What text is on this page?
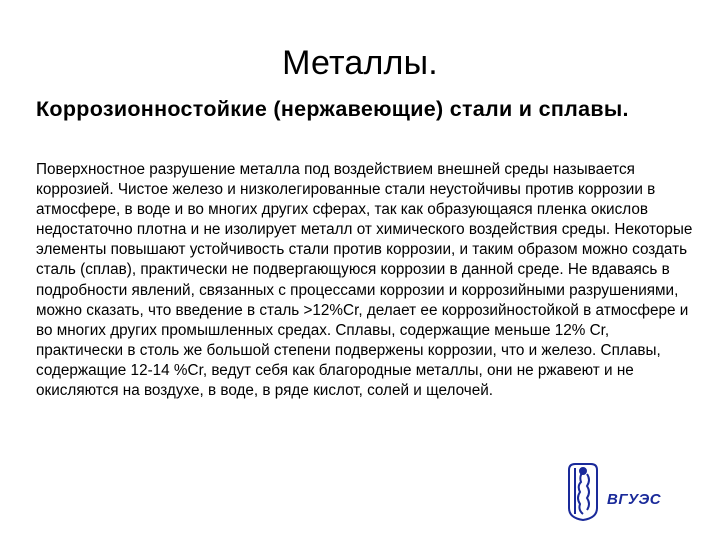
Металлы.
Коррозионностойкие (нержавеющие) стали и сплавы.

Поверхностное разрушение металла под воздействием внешней среды называется коррозией. Чистое железо и низколегированные стали неустойчивы против коррозии в атмосфере, в воде и во многих других сферах, так как образующаяся пленка окислов недостаточно плотна и не изолирует металл от химического воздействия среды. Некоторые элементы повышают устойчивость стали против коррозии, и таким образом можно создать сталь (сплав), практически не подвергающуюся коррозии в данной среде. Не вдаваясь в подробности явлений, связанных с процессами коррозии и коррозийными разрушениями, можно сказать, что введение в сталь >12%Cr, делает ее коррозийностойкой в атмосфере и во многих других промышленных средах. Сплавы, содержащие меньше 12% Cr, практически в столь же большой степени подвержены коррозии, что и железо. Сплавы, содержащие 12-14 %Cr, ведут себя как благородные металлы, они не ржавеют и не окисляются на воздухе, в воде, в ряде кислот, солей и щелочей.

ВГУЭС
